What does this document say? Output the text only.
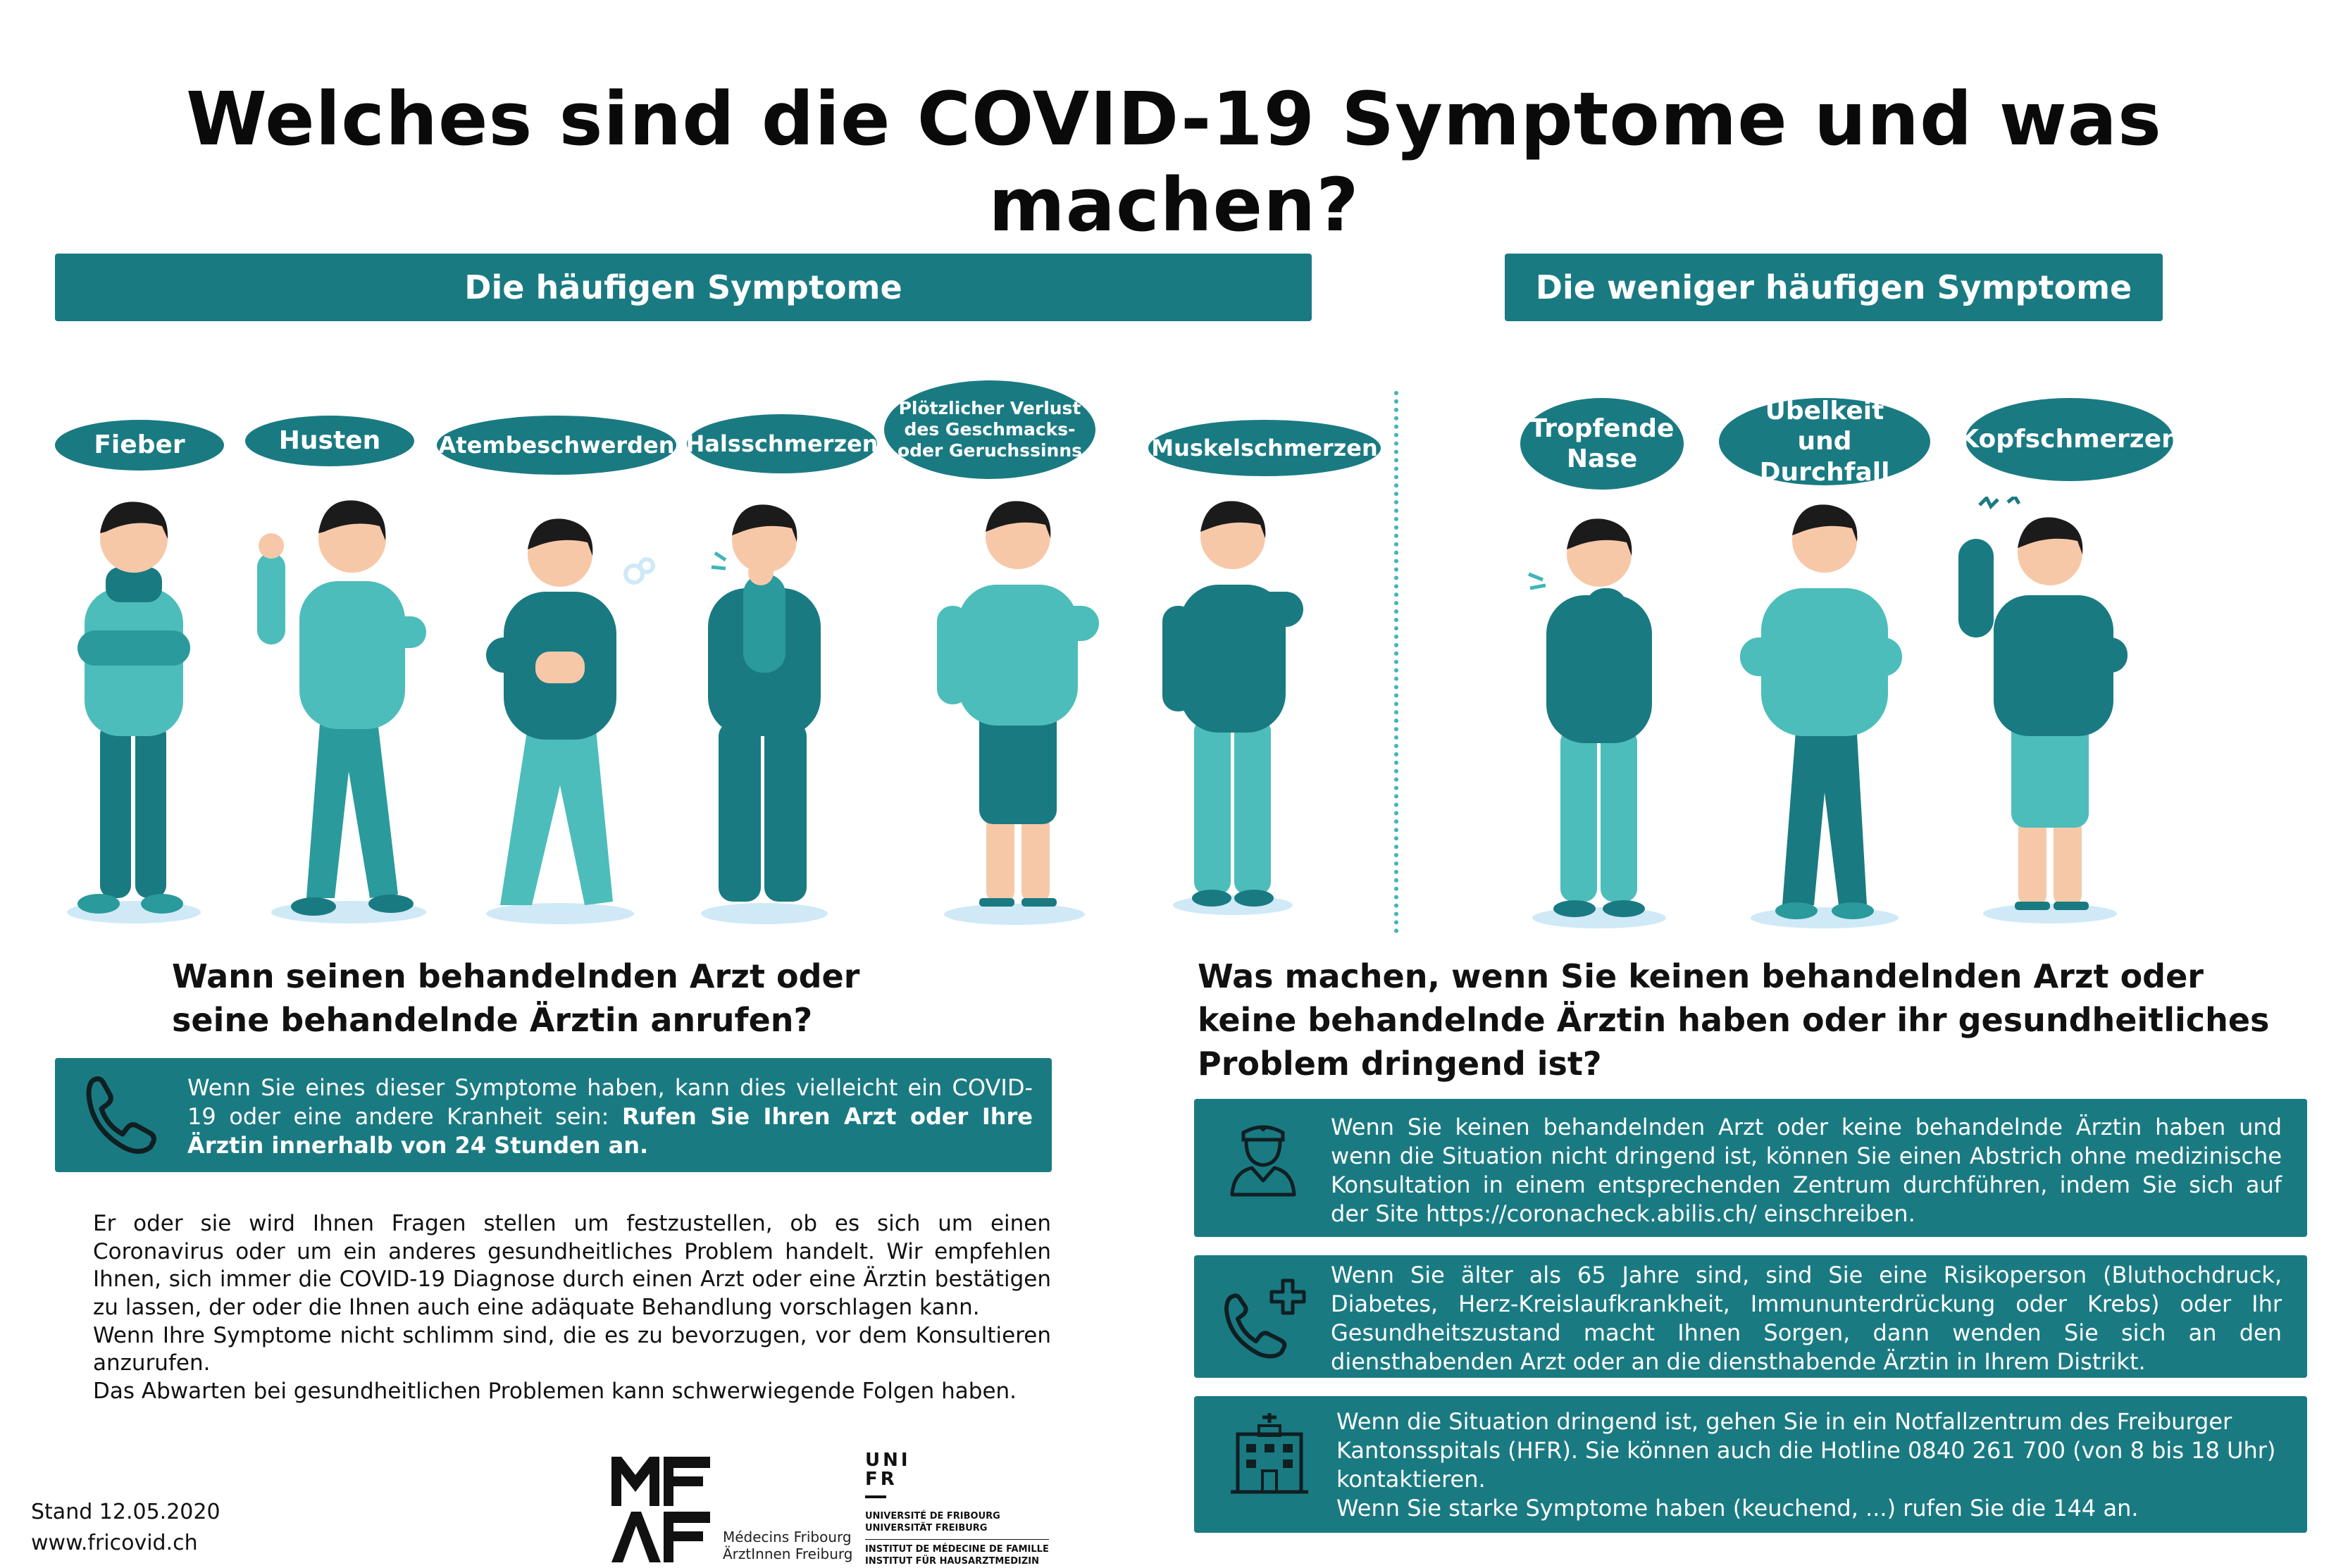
Welches sind die COVID-19 Symptome und was machen?
Die häufigen Symptome	Die weniger häufigen Symptome
Fieber	Husten	Atembeschwerden Halsschmerzen
Plötzlicher Verlust des Geschmacks- oder Geruchssinns	Muskelschmerzen
Tropfende Nase
Übelkeit und Durchfall
Kopfschmerzen
Wann seinen behandelnden Arzt oder
seine behandelnde Ärztin anrufen?
Wenn Sie eines dieser Symptome haben, kann dies vielleicht ein COVID-19 oder eine andere Kranheit sein: Rufen Sie Ihren Arzt oder Ihre Ärztin innerhalb von 24 Stunden an.
Er oder sie wird Ihnen Fragen stellen um festzustellen, ob es sich um einen Coronavirus oder um ein anderes gesundheitliches Problem handelt. Wir empfehlen Ihnen, sich immer die COVID-19 Diagnose durch einen Arzt oder eine Ärztin bestätigen zu lassen, der oder die Ihnen auch eine adäquate Behandlung vorschlagen kann.
Wenn Ihre Symptome nicht schlimm sind, die es zu bevorzugen, vor dem Konsultieren anzurufen.
Das Abwarten bei gesundheitlichen Problemen kann schwerwiegende Folgen haben.
Was machen, wenn Sie keinen behandelnden Arzt oder keine behandelnde Ärztin haben oder ihr gesundheitliches Problem dringend ist?
Wenn Sie keinen behandelnden Arzt oder keine behandelnde Ärztin haben und wenn die Situation nicht dringend ist, können Sie einen Abstrich ohne medizinische Konsultation in einem entsprechenden Zentrum durchführen, indem Sie sich auf der Site https://coronacheck.abilis.ch/ einschreiben.
Wenn Sie älter als 65 Jahre sind, sind Sie eine Risikoperson (Bluthochdruck, Diabetes, Herz-Kreislaufkrankheit, Immununterdrückung oder Krebs) oder Ihr Gesundheitszustand macht Ihnen Sorgen, dann wenden Sie sich an den diensthabenden Arzt oder an die diensthabende Ärztin in Ihrem Distrikt.
Wenn die Situation dringend ist, gehen Sie in ein Notfallzentrum des Freiburger Kantonsspitals (HFR). Sie können auch die Hotline 0840 261 700 (von 8 bis 18 Uhr) kontaktieren.
Wenn Sie starke Symptome haben (keuchend, ...) rufen Sie die 144 an.
Stand 12.05.2020
www.fricovid.ch	Médecins Fribourg
ÄrztInnen Freiburg
UNI
FR
UNIVERSITÉ DE FRIBOURG
UNIVERSITÄT FREIBURG
INSTITUT DE MÉDECINE DE FAMILLE
INSTITUT FÜR HAUSARZTMEDIZIN
